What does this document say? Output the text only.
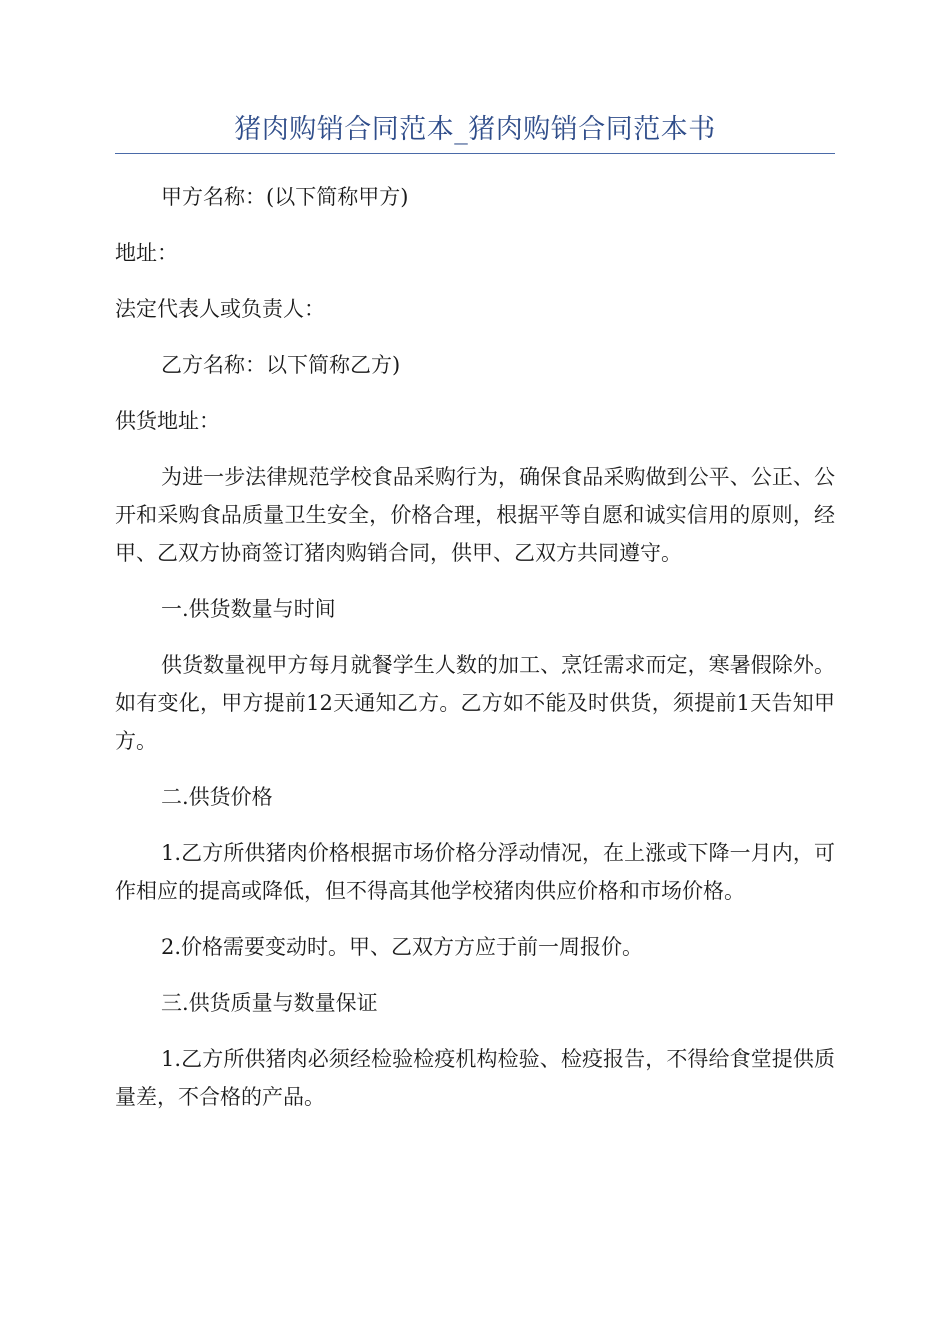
猪肉购销合同范本_猪肉购销合同范本书

甲方名称：(以下简称甲方)

地址：

法定代表人或负责人：

乙方名称：以下简称乙方)

供货地址：

为进一步法律规范学校食品采购行为，确保食品采购做到公平、公正、公开和采购食品质量卫生安全，价格合理，根据平等自愿和诚实信用的原则，经甲、乙双方协商签订猪肉购销合同，供甲、乙双方共同遵守。

一.供货数量与时间

供货数量视甲方每月就餐学生人数的加工、烹饪需求而定，寒暑假除外。如有变化，甲方提前12天通知乙方。乙方如不能及时供货，须提前1天告知甲方。

二.供货价格

1.乙方所供猪肉价格根据市场价格分浮动情况，在上涨或下降一月内，可作相应的提高或降低，但不得高其他学校猪肉供应价格和市场价格。

2.价格需要变动时。甲、乙双方方应于前一周报价。

三.供货质量与数量保证

1.乙方所供猪肉必须经检验检疫机构检验、检疫报告，不得给食堂提供质量差，不合格的产品。
